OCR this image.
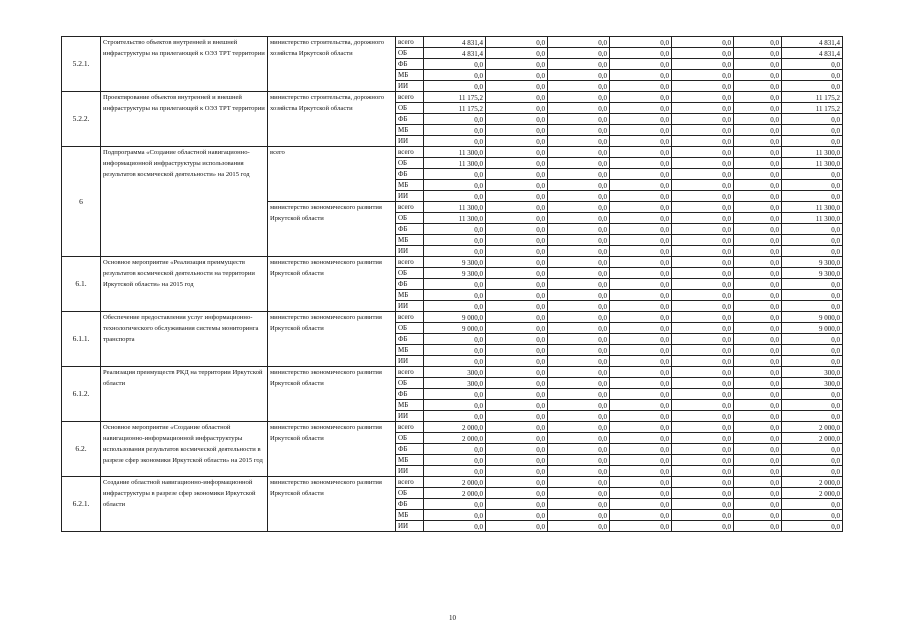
5.2.1.	Строительство объектов внутренней и внешней инфраструктуры на прилегающей к ОЭЗ ТРТ территории	министерство строительства, дорожного хозяйства Иркутской области	всего	4 831,4	0,0	0,0	0,0	0,0	0,0	4 831,4
			ОБ	4 831,4	0,0	0,0	0,0	0,0	0,0	4 831,4
			ФБ	0,0	0,0	0,0	0,0	0,0	0,0	0,0
			МБ	0,0	0,0	0,0	0,0	0,0	0,0	0,0
			ИИ	0,0	0,0	0,0	0,0	0,0	0,0	0,0
5.2.2.	Проектирование объектов внутренней и внешней инфраструктуры на прилегающей к ОЭЗ ТРТ территории	министерство строительства, дорожного хозяйства Иркутской области	всего	11 175,2	0,0	0,0	0,0	0,0	0,0	11 175,2
			ОБ	11 175,2	0,0	0,0	0,0	0,0	0,0	11 175,2
			ФБ	0,0	0,0	0,0	0,0	0,0	0,0	0,0
			МБ	0,0	0,0	0,0	0,0	0,0	0,0	0,0
			ИИ	0,0	0,0	0,0	0,0	0,0	0,0	0,0
6	Подпрограмма «Создание областной навигационно-информационной инфраструктуры использования результатов космической деятельности» на 2015 год	всего	всего	11 300,0	0,0	0,0	0,0	0,0	0,0	11 300,0
			ОБ	11 300,0	0,0	0,0	0,0	0,0	0,0	11 300,0
			ФБ	0,0	0,0	0,0	0,0	0,0	0,0	0,0
			МБ	0,0	0,0	0,0	0,0	0,0	0,0	0,0
			ИИ	0,0	0,0	0,0	0,0	0,0	0,0	0,0
		министерство экономического развития Иркутской области	всего	11 300,0	0,0	0,0	0,0	0,0	0,0	11 300,0
			ОБ	11 300,0	0,0	0,0	0,0	0,0	0,0	11 300,0
			ФБ	0,0	0,0	0,0	0,0	0,0	0,0	0,0
			МБ	0,0	0,0	0,0	0,0	0,0	0,0	0,0
			ИИ	0,0	0,0	0,0	0,0	0,0	0,0	0,0
6.1.	Основное мероприятие «Реализация преимуществ результатов космической деятельности на территории Иркутской области» на 2015 год	министерство экономического развития Иркутской области	всего	9 300,0	0,0	0,0	0,0	0,0	0,0	9 300,0
			ОБ	9 300,0	0,0	0,0	0,0	0,0	0,0	9 300,0
			ФБ	0,0	0,0	0,0	0,0	0,0	0,0	0,0
			МБ	0,0	0,0	0,0	0,0	0,0	0,0	0,0
			ИИ	0,0	0,0	0,0	0,0	0,0	0,0	0,0
6.1.1.	Обеспечение предоставления услуг информационно-технологического обслуживания системы мониторинга транспорта	министерство экономического развития Иркутской области	всего	9 000,0	0,0	0,0	0,0	0,0	0,0	9 000,0
			ОБ	9 000,0	0,0	0,0	0,0	0,0	0,0	9 000,0
			ФБ	0,0	0,0	0,0	0,0	0,0	0,0	0,0
			МБ	0,0	0,0	0,0	0,0	0,0	0,0	0,0
			ИИ	0,0	0,0	0,0	0,0	0,0	0,0	0,0
6.1.2.	Реализация преимуществ РКД на территории Иркутской области	министерство экономического развития Иркутской области	всего	300,0	0,0	0,0	0,0	0,0	0,0	300,0
			ОБ	300,0	0,0	0,0	0,0	0,0	0,0	300,0
			ФБ	0,0	0,0	0,0	0,0	0,0	0,0	0,0
			МБ	0,0	0,0	0,0	0,0	0,0	0,0	0,0
			ИИ	0,0	0,0	0,0	0,0	0,0	0,0	0,0
6.2.	Основное мероприятие «Создание областной навигационно-информационной инфраструктуры использования результатов космической деятельности в разрезе сфер экономики Иркутской области» на 2015 год	министерство экономического развития Иркутской области	всего	2 000,0	0,0	0,0	0,0	0,0	0,0	2 000,0
			ОБ	2 000,0	0,0	0,0	0,0	0,0	0,0	2 000,0
			ФБ	0,0	0,0	0,0	0,0	0,0	0,0	0,0
			МБ	0,0	0,0	0,0	0,0	0,0	0,0	0,0
			ИИ	0,0	0,0	0,0	0,0	0,0	0,0	0,0
6.2.1.	Создание областной навигационно-информационной инфраструктуры в разрезе сфер экономики Иркутской области	министерство экономического развития Иркутской области	всего	2 000,0	0,0	0,0	0,0	0,0	0,0	2 000,0
			ОБ	2 000,0	0,0	0,0	0,0	0,0	0,0	2 000,0
			ФБ	0,0	0,0	0,0	0,0	0,0	0,0	0,0
			МБ	0,0	0,0	0,0	0,0	0,0	0,0	0,0
			ИИ	0,0	0,0	0,0	0,0	0,0	0,0	0,0
10
